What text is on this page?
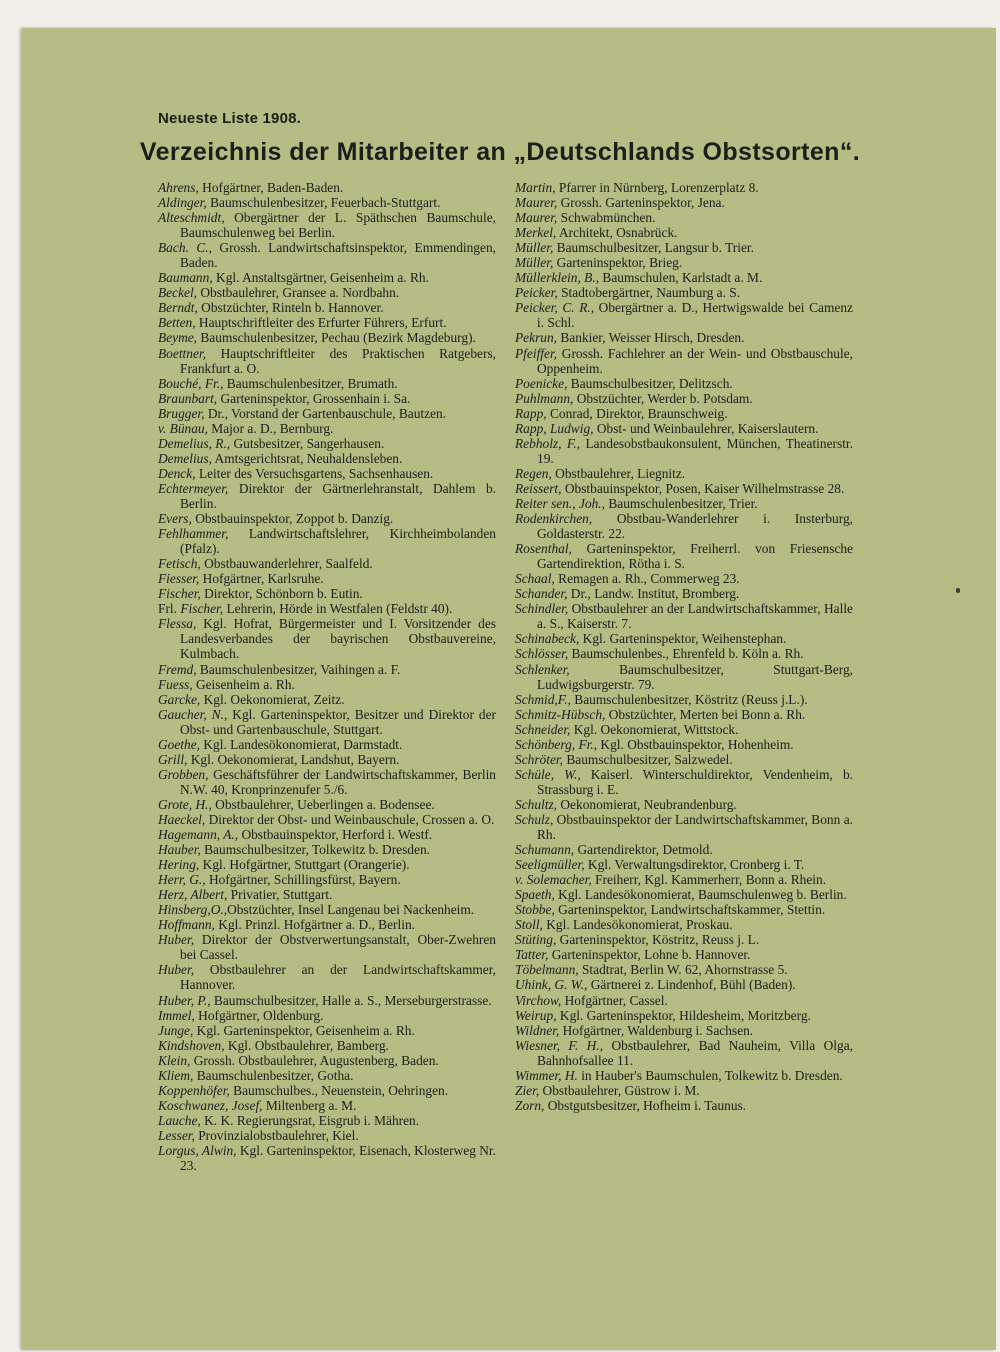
Neueste Liste 1908.
Verzeichnis der Mitarbeiter an „Deutschlands Obstsorten“.

Ahrens, Hofgärtner, Baden-Baden.

Aldinger, Baumschulenbesitzer, Feuerbach-Stuttgart.

Alteschmidt, Obergärtner der L. Späthschen Baumschule, Baumschulenweg bei Berlin.

Bach. C., Grossh. Landwirtschaftsinspektor, Emmendingen, Baden.

Baumann, Kgl. Anstaltsgärtner, Geisenheim a. Rh.

Beckel, Obstbaulehrer, Gransee a. Nordbahn.

Berndt, Obstzüchter, Rinteln b. Hannover.

Betten, Hauptschriftleiter des Erfurter Führers, Erfurt.

Beyme, Baumschulenbesitzer, Pechau (Bezirk Magdeburg).

Boettner, Hauptschriftleiter des Praktischen Ratgebers, Frankfurt a. O.

Bouché, Fr., Baumschulenbesitzer, Brumath.

Braunbart, Garteninspektor, Grossenhain i. Sa.

Brugger, Dr., Vorstand der Gartenbauschule, Bautzen.

v. Bünau, Major a. D., Bernburg.

Demelius, R., Gutsbesitzer, Sangerhausen.

Demelius, Amtsgerichtsrat, Neuhaldensleben.

Denck, Leiter des Versuchsgartens, Sachsenhausen.

Echtermeyer, Direktor der Gärtnerlehranstalt, Dahlem b. Berlin.

Evers, Obstbauinspektor, Zoppot b. Danzig.

Fehlhammer, Landwirtschaftslehrer, Kirchheimbolanden (Pfalz).

Fetisch, Obstbauwanderlehrer, Saalfeld.

Fiesser, Hofgärtner, Karlsruhe.

Fischer, Direktor, Schönborn b. Eutin.

Frl. Fischer, Lehrerin, Hörde in Westfalen (Feldstr 40).

Flessa, Kgl. Hofrat, Bürgermeister und I. Vorsitzender des Landesverbandes der bayrischen Obstbauvereine, Kulmbach.

Fremd, Baumschulenbesitzer, Vaihingen a. F.

Fuess, Geisenheim a. Rh.

Garcke, Kgl. Oekonomierat, Zeitz.

Gaucher, N., Kgl. Garteninspektor, Besitzer und Direktor der Obst- und Gartenbauschule, Stuttgart.

Goethe, Kgl. Landesökonomierat, Darmstadt.

Grill, Kgl. Oekonomierat, Landshut, Bayern.

Grobben, Geschäftsführer der Landwirtschaftskammer, Berlin N.W. 40, Kronprinzenufer 5./6.

Grote, H., Obstbaulehrer, Ueberlingen a. Bodensee.

Haeckel, Direktor der Obst- und Weinbauschule, Crossen a. O.

Hagemann, A., Obstbauinspektor, Herford i. Westf.

Hauber, Baumschulbesitzer, Tolkewitz b. Dresden.

Hering, Kgl. Hofgärtner, Stuttgart (Orangerie).

Herr, G., Hofgärtner, Schillingsfürst, Bayern.

Herz, Albert, Privatier, Stuttgart.

Hinsberg,O.,Obstzüchter, Insel Langenau bei Nackenheim.

Hoffmann, Kgl. Prinzl. Hofgärtner a. D., Berlin.

Huber, Direktor der Obstverwertungsanstalt, Ober-Zwehren bei Cassel.

Huber, Obstbaulehrer an der Landwirtschaftskammer, Hannover.

Huber, P., Baumschulbesitzer, Halle a. S., Merseburgerstrasse.

Immel, Hofgärtner, Oldenburg.

Junge, Kgl. Garteninspektor, Geisenheim a. Rh.

Kindshoven, Kgl. Obstbaulehrer, Bamberg.

Klein, Grossh. Obstbaulehrer, Augustenberg, Baden.

Kliem, Baumschulenbesitzer, Gotha.

Koppenhöfer, Baumschulbes., Neuenstein, Oehringen.

Koschwanez, Josef, Miltenberg a. M.

Lauche, K. K. Regierungsrat, Eisgrub i. Mähren.

Lesser, Provinzialobstbaulehrer, Kiel.

Lorgus, Alwin, Kgl. Garteninspektor, Eisenach, Klosterweg Nr. 23.

Martin, Pfarrer in Nürnberg, Lorenzerplatz 8.

Maurer, Grossh. Garteninspektor, Jena.

Maurer, Schwabmünchen.

Merkel, Architekt, Osnabrück.

Müller, Baumschulbesitzer, Langsur b. Trier.

Müller, Garteninspektor, Brieg.

Müllerklein, B., Baumschulen, Karlstadt a. M.

Peicker, Stadtobergärtner, Naumburg a. S.

Peicker, C. R., Obergärtner a. D., Hertwigswalde bei Camenz i. Schl.

Pekrun, Bankier, Weisser Hirsch, Dresden.

Pfeiffer, Grossh. Fachlehrer an der Wein- und Obstbauschule, Oppenheim.

Poenicke, Baumschulbesitzer, Delitzsch.

Puhlmann, Obstzüchter, Werder b. Potsdam.

Rapp, Conrad, Direktor, Braunschweig.

Rapp, Ludwig, Obst- und Weinbaulehrer, Kaiserslautern.

Rebholz, F., Landesobstbaukonsulent, München, Theatinerstr. 19.

Regen, Obstbaulehrer, Liegnitz.

Reissert, Obstbauinspektor, Posen, Kaiser Wilhelmstrasse 28.

Reiter sen., Joh., Baumschulenbesitzer, Trier.

Rodenkirchen, Obstbau-Wanderlehrer i. Insterburg, Goldasterstr. 22.

Rosenthal, Garteninspektor, Freiherrl. von Friesensche Gartendirektion, Rötha i. S.

Schaal, Remagen a. Rh., Commerweg 23.

Schander, Dr., Landw. Institut, Bromberg.

Schindler, Obstbaulehrer an der Landwirtschaftskammer, Halle a. S., Kaiserstr. 7.

Schinabeck, Kgl. Garteninspektor, Weihenstephan.

Schlösser, Baumschulenbes., Ehrenfeld b. Köln a. Rh.

Schlenker, Baumschulbesitzer, Stuttgart-Berg, Ludwigsburgerstr. 79.

Schmid,F., Baumschulenbesitzer, Köstritz (Reuss j.L.).

Schmitz-Hübsch, Obstzüchter, Merten bei Bonn a. Rh.

Schneider, Kgl. Oekonomierat, Wittstock.

Schönberg, Fr., Kgl. Obstbauinspektor, Hohenheim.

Schröter, Baumschulbesitzer, Salzwedel.

Schüle, W., Kaiserl. Winterschuldirektor, Vendenheim, b. Strassburg i. E.

Schultz, Oekonomierat, Neubrandenburg.

Schulz, Obstbauinspektor der Landwirtschaftskammer, Bonn a. Rh.

Schumann, Gartendirektor, Detmold.

Seeligmüller, Kgl. Verwaltungsdirektor, Cronberg i. T.

v. Solemacher, Freiherr, Kgl. Kammerherr, Bonn a. Rhein.

Spaeth, Kgl. Landesökonomierat, Baumschulenweg b. Berlin.

Stobbe, Garteninspektor, Landwirtschaftskammer, Stettin.

Stoll, Kgl. Landesökonomierat, Proskau.

Stüting, Garteninspektor, Köstritz, Reuss j. L.

Tatter, Garteninspektor, Lohne b. Hannover.

Töbelmann, Stadtrat, Berlin W. 62, Ahornstrasse 5.

Uhink, G. W., Gärtnerei z. Lindenhof, Bühl (Baden).

Virchow, Hofgärtner, Cassel.

Weirup, Kgl. Garteninspektor, Hildesheim, Moritzberg.

Wildner, Hofgärtner, Waldenburg i. Sachsen.

Wiesner, F. H., Obstbaulehrer, Bad Nauheim, Villa Olga, Bahnhofsallee 11.

Wimmer, H. in Hauber's Baumschulen, Tolkewitz b. Dresden.

Zier, Obstbaulehrer, Güstrow i. M.

Zorn, Obstgutsbesitzer, Hofheim i. Taunus.
